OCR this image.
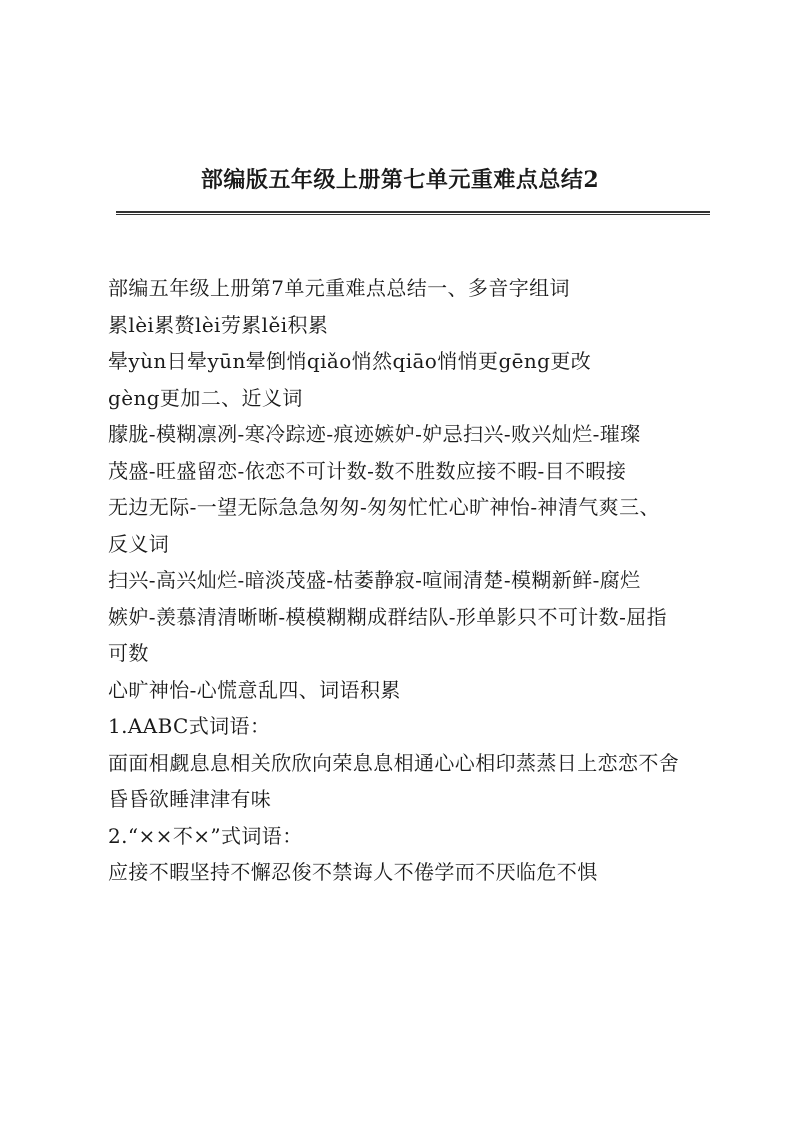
部编版五年级上册第七单元重难点总结2
部编五年级上册第7单元重难点总结一、多音字组词
累lèi累赘lèi劳累lěi积累
晕yùn日晕yūn晕倒悄qiǎo悄然qiāo悄悄更gēng更改
gèng更加二、近义词
朦胧-模糊凛冽-寒冷踪迹-痕迹嫉妒-妒忌扫兴-败兴灿烂-璀璨
茂盛-旺盛留恋-依恋不可计数-数不胜数应接不暇-目不暇接
无边无际-一望无际急急匆匆-匆匆忙忙心旷神怡-神清气爽三、
反义词
扫兴-高兴灿烂-暗淡茂盛-枯萎静寂-喧闹清楚-模糊新鲜-腐烂
嫉妒-羡慕清清晰晰-模模糊糊成群结队-形单影只不可计数-屈指
可数
心旷神怡-心慌意乱四、词语积累
1.AABC式词语：
面面相觑息息相关欣欣向荣息息相通心心相印蒸蒸日上恋恋不舍
昏昏欲睡津津有味
2.“××不×”式词语：
应接不暇坚持不懈忍俊不禁诲人不倦学而不厌临危不惧
